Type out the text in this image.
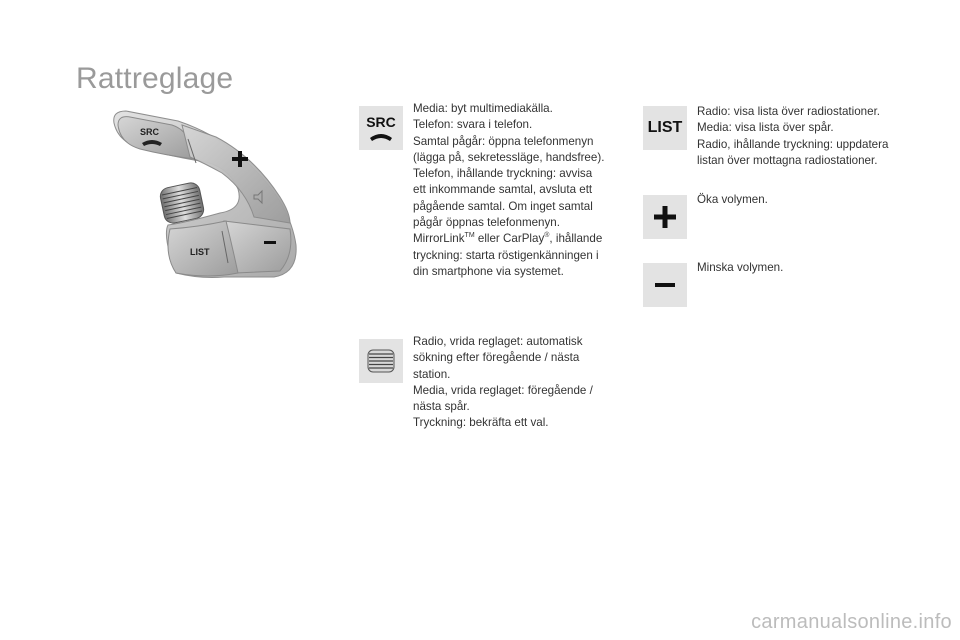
Rattreglage
SRC
LIST
SRC
Media: byt multimediakälla.
Telefon: svara i telefon.
Samtal pågår: öppna telefonmenyn
(lägga på, sekretessläge, handsfree).
Telefon, ihållande tryckning: avvisa
ett inkommande samtal, avsluta ett
pågående samtal. Om inget samtal
pågår öppnas telefonmenyn.
MirrorLink™ eller CarPlay®, ihållande
tryckning: starta röstigenkänningen i
din smartphone via systemet.
Radio, vrida reglaget: automatisk
sökning efter föregående / nästa
station.
Media, vrida reglaget: föregående /
nästa spår.
Tryckning: bekräfta ett val.
LIST
Radio: visa lista över radiostationer.
Media: visa lista över spår.
Radio, ihållande tryckning: uppdatera
listan över mottagna radiostationer.
Öka volymen.
Minska volymen.
carmanualsonline.info
